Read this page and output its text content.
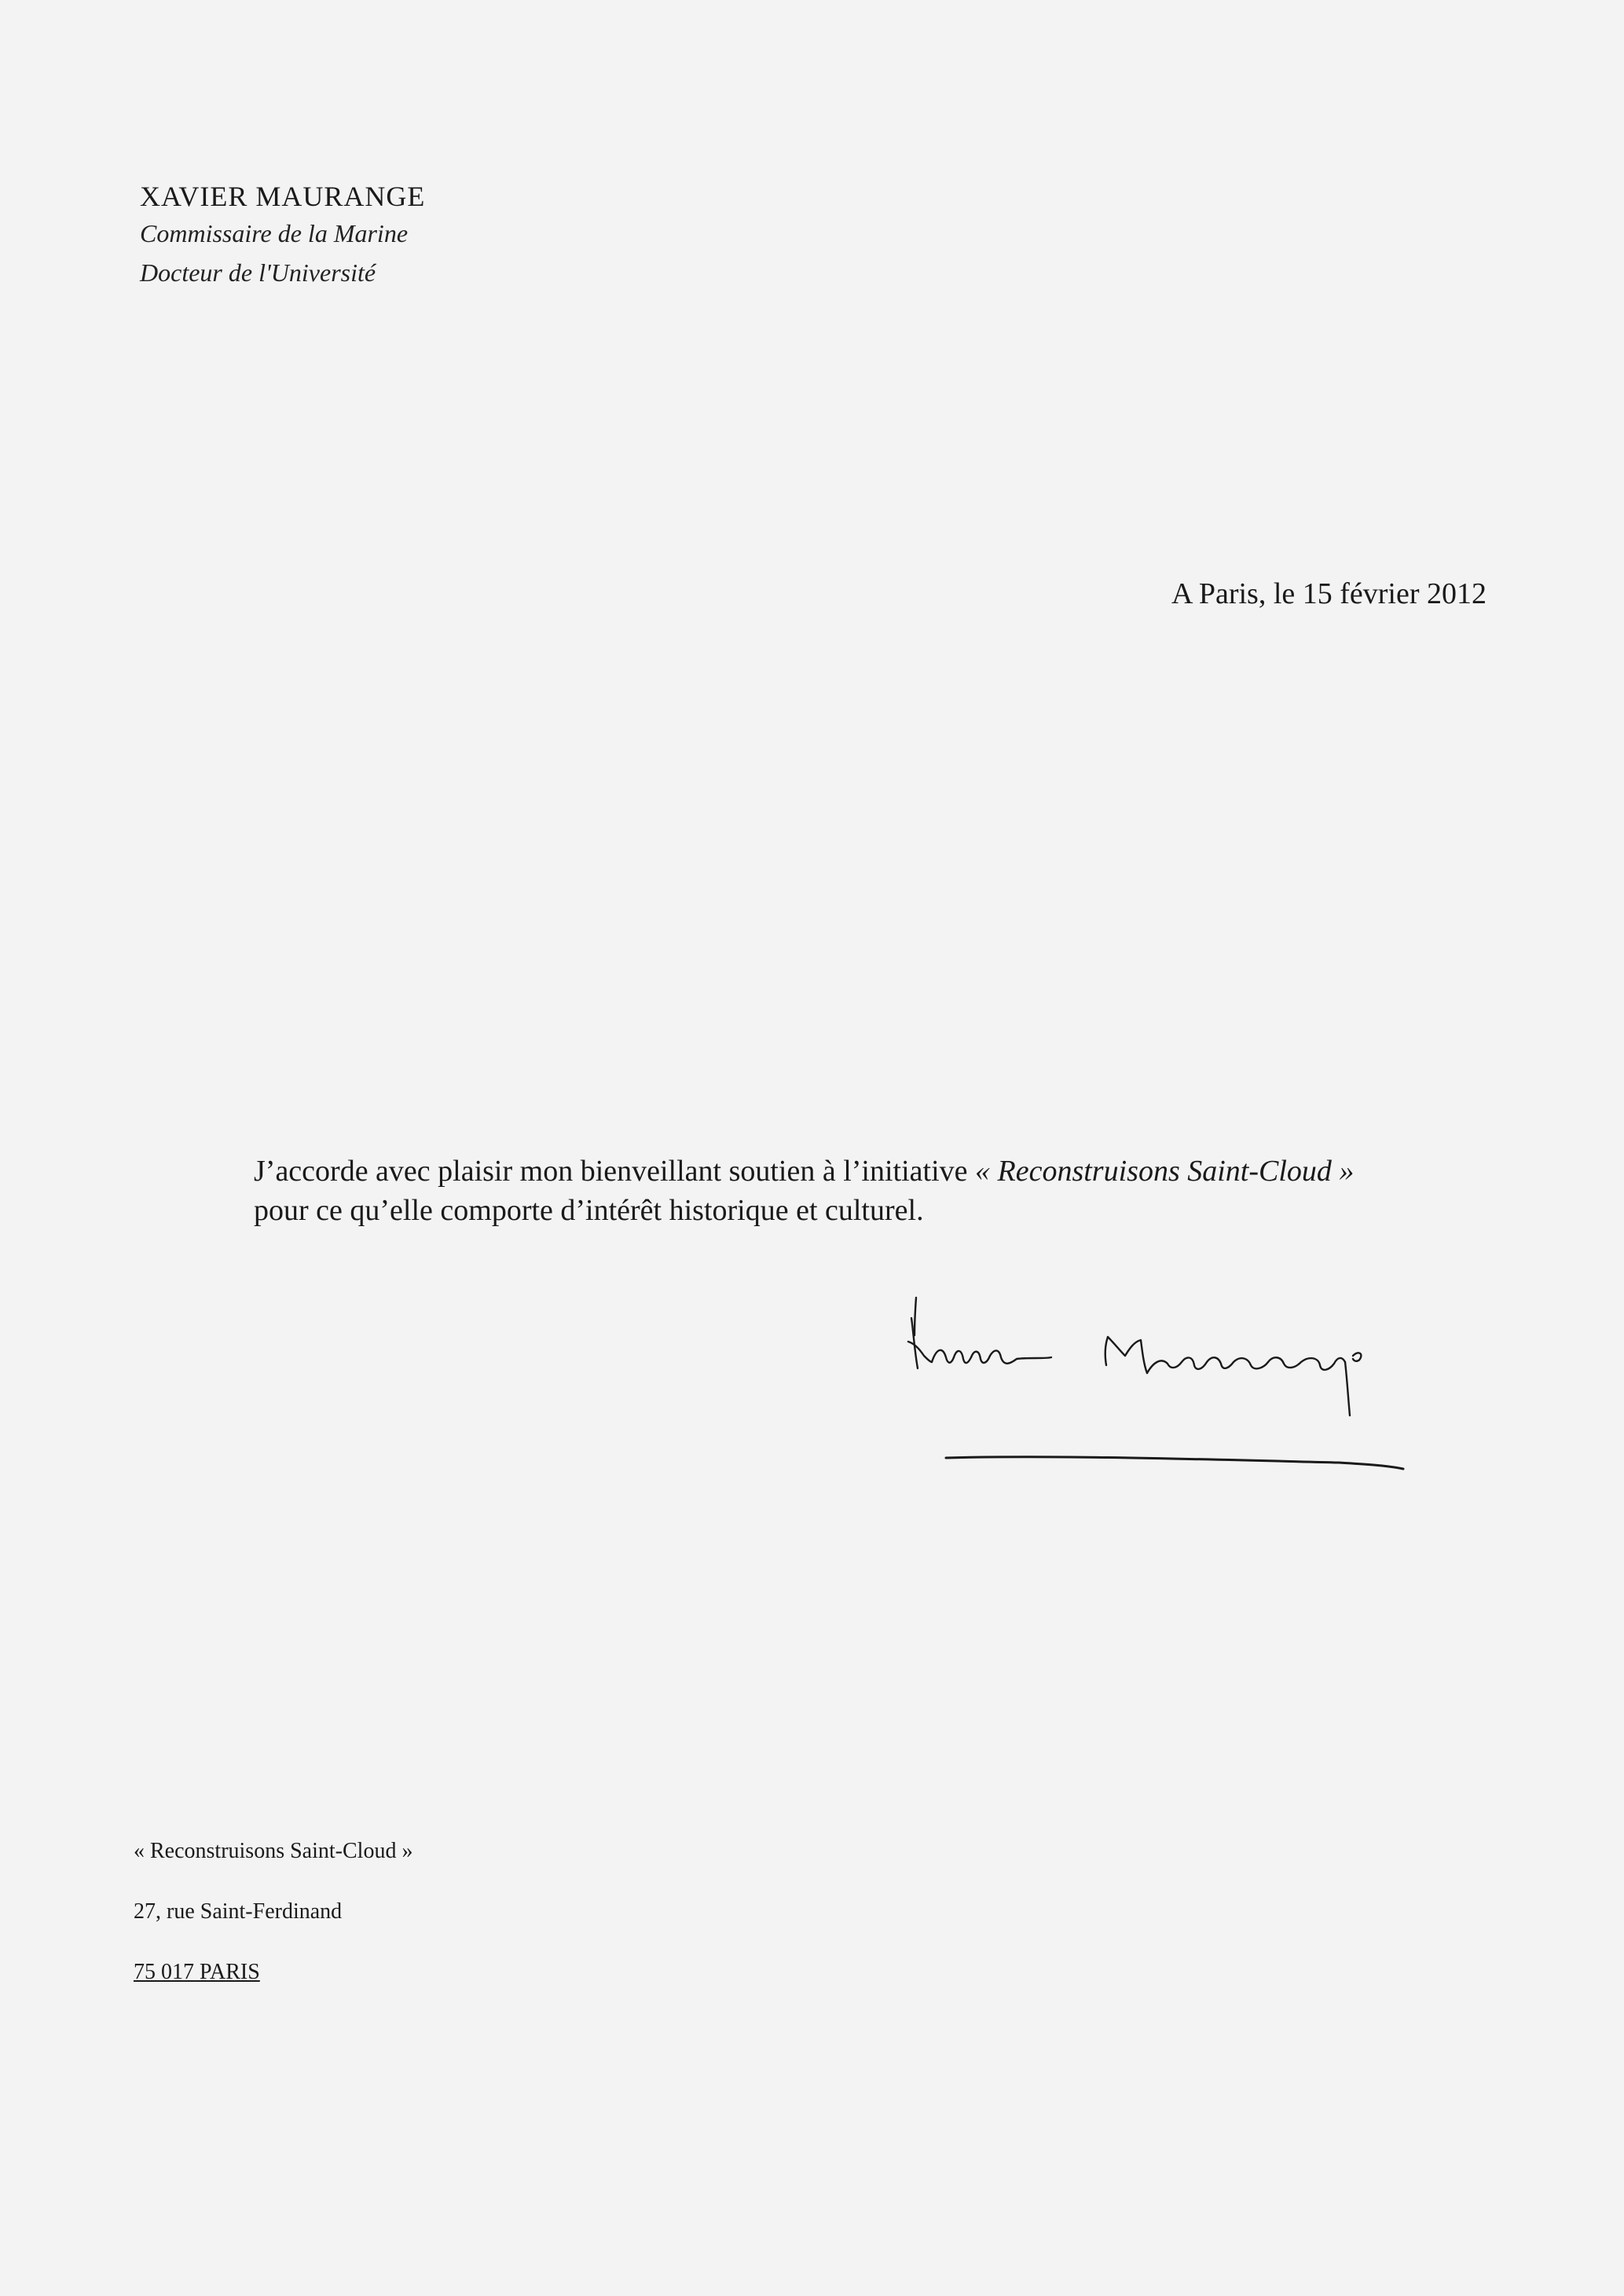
XAVIER MAURANGE

Commissaire de la Marine

Docteur de l'Université

A Paris, le 15 février 2012

J’accorde avec plaisir mon bienveillant soutien à l’initiative « Reconstruisons Saint-Cloud »

pour ce qu’elle comporte d’intérêt historique et culturel.

« Reconstruisons Saint-Cloud »

27, rue Saint-Ferdinand

75 017 PARIS
